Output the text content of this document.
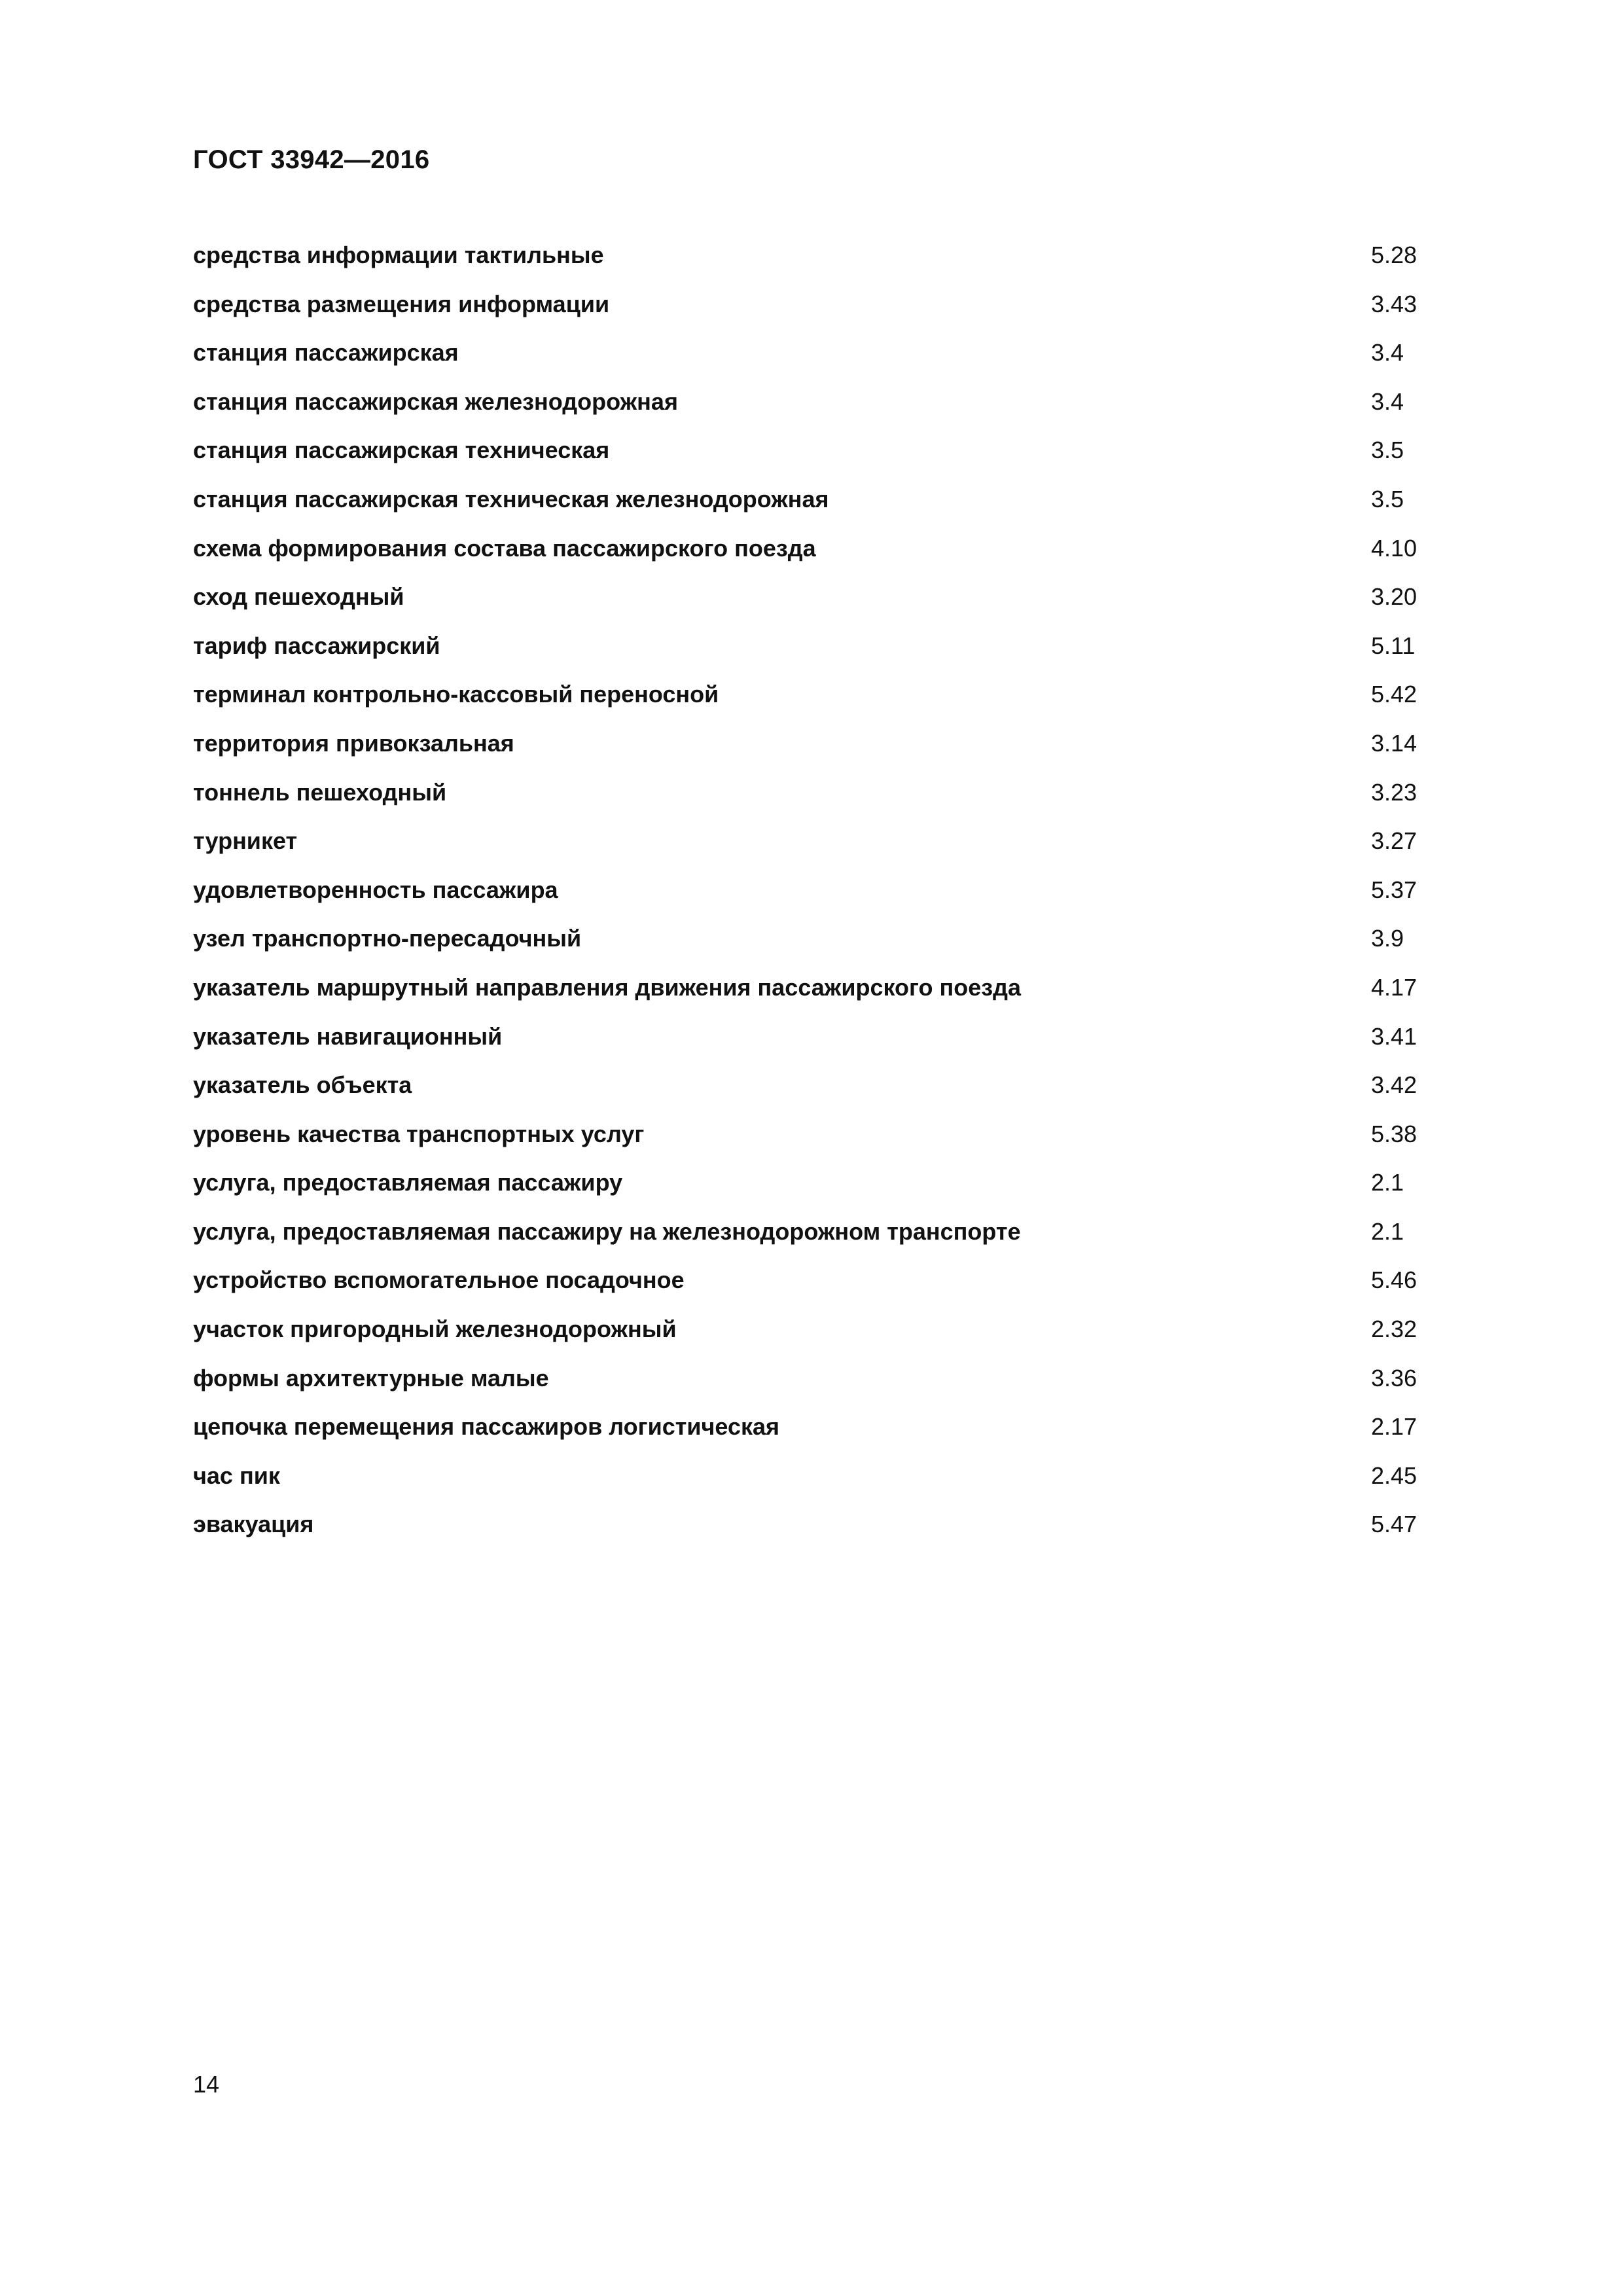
ГОСТ 33942—2016
средства информации тактильные	5.28
средства размещения информации	3.43
станция пассажирская	3.4
станция пассажирская железнодорожная	3.4
станция пассажирская техническая	3.5
станция пассажирская техническая железнодорожная	3.5
схема формирования состава пассажирского поезда	4.10
сход пешеходный	3.20
тариф пассажирский	5.11
терминал контрольно-кассовый переносной	5.42
территория привокзальная	3.14
тоннель пешеходный	3.23
турникет	3.27
удовлетворенность пассажира	5.37
узел транспортно-пересадочный	3.9
указатель маршрутный направления движения пассажирского поезда	4.17
указатель навигационный	3.41
указатель объекта	3.42
уровень качества транспортных услуг	5.38
услуга, предоставляемая пассажиру	2.1
услуга, предоставляемая пассажиру на железнодорожном транспорте	2.1
устройство вспомогательное посадочное	5.46
участок пригородный железнодорожный	2.32
формы архитектурные малые	3.36
цепочка перемещения пассажиров логистическая	2.17
час пик	2.45
эвакуация	5.47

14
